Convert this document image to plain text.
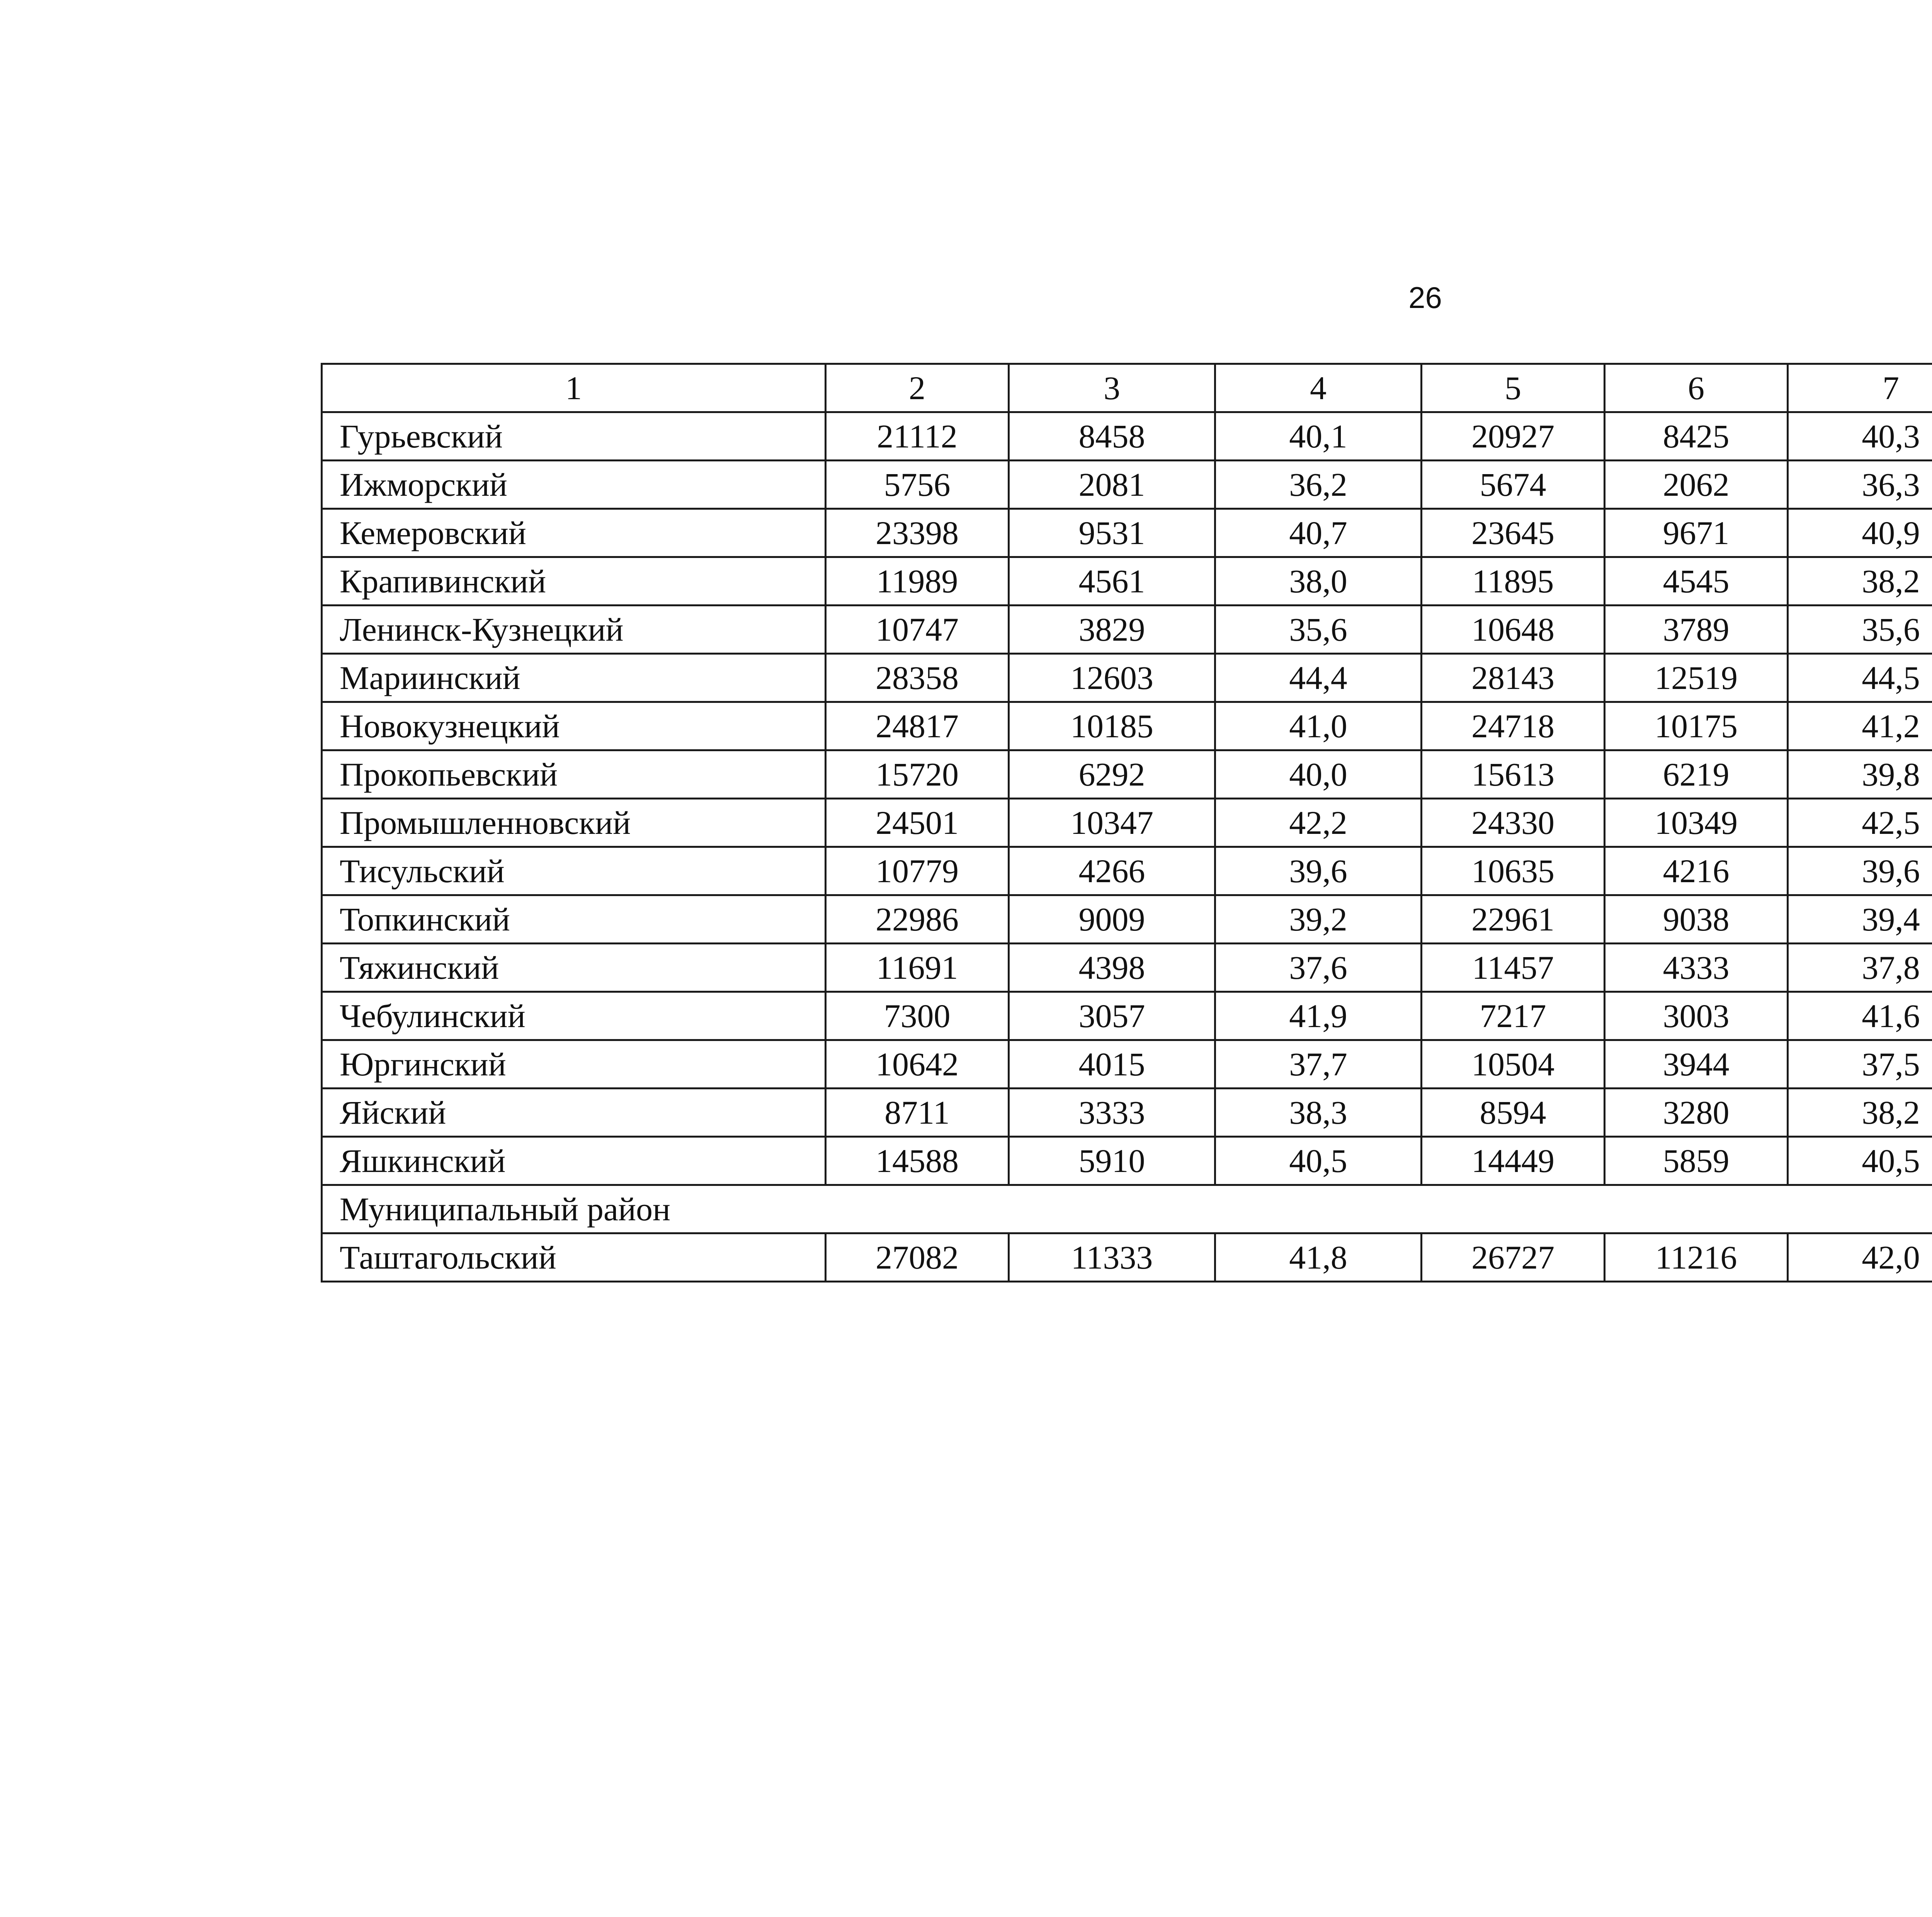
26
1	2	3	4	5	6	7			
Гурьевский	21112	8458	40,1	20927	8425	40,3			
Ижморский	5756	2081	36,2	5674	2062	36,3			
Кемеровский	23398	9531	40,7	23645	9671	40,9			
Крапивинский	11989	4561	38,0	11895	4545	38,2			
Ленинск-Кузнецкий	10747	3829	35,6	10648	3789	35,6			
Мариинский	28358	12603	44,4	28143	12519	44,5			
Новокузнецкий	24817	10185	41,0	24718	10175	41,2			
Прокопьевский	15720	6292	40,0	15613	6219	39,8			
Промышленновский	24501	10347	42,2	24330	10349	42,5			
Тисульский	10779	4266	39,6	10635	4216	39,6			
Топкинский	22986	9009	39,2	22961	9038	39,4			
Тяжинский	11691	4398	37,6	11457	4333	37,8			
Чебулинский	7300	3057	41,9	7217	3003	41,6			
Юргинский	10642	4015	37,7	10504	3944	37,5			
Яйский	8711	3333	38,3	8594	3280	38,2			
Яшкинский	14588	5910	40,5	14449	5859	40,5			
Муниципальный район									
Таштагольский	27082	11333	41,8	26727	11216	42,0			
